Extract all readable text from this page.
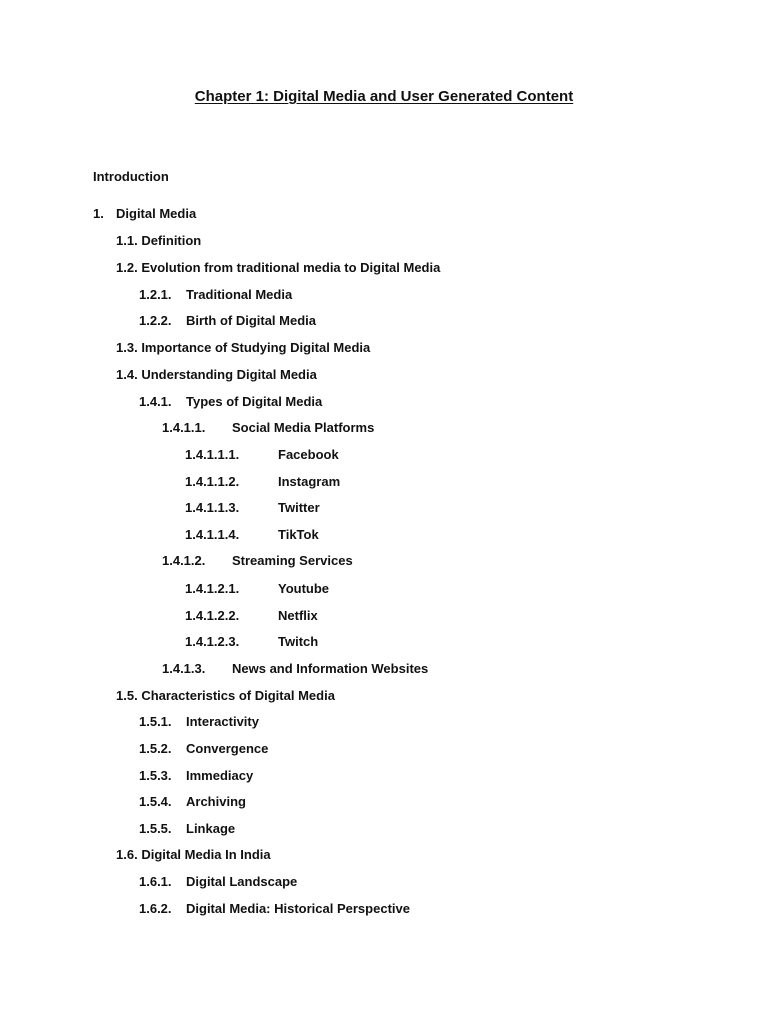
Chapter 1: Digital Media and User Generated Content
Introduction
1. Digital Media
1.1. Definition
1.2. Evolution from traditional media to Digital Media
1.2.1. Traditional Media
1.2.2. Birth of Digital Media
1.3. Importance of Studying Digital Media
1.4. Understanding Digital Media
1.4.1. Types of Digital Media
1.4.1.1. Social Media Platforms
1.4.1.1.1.	Facebook
1.4.1.1.2.	Instagram
1.4.1.1.3.	Twitter
1.4.1.1.4.	TikTok
1.4.1.2. Streaming Services
1.4.1.2.1.	Youtube
1.4.1.2.2.	Netflix
1.4.1.2.3.	Twitch
1.4.1.3. News and Information Websites
1.5. Characteristics of Digital Media
1.5.1. Interactivity
1.5.2. Convergence
1.5.3. Immediacy
1.5.4. Archiving
1.5.5. Linkage
1.6. Digital Media In India
1.6.1. Digital Landscape
1.6.2. Digital Media: Historical Perspective
